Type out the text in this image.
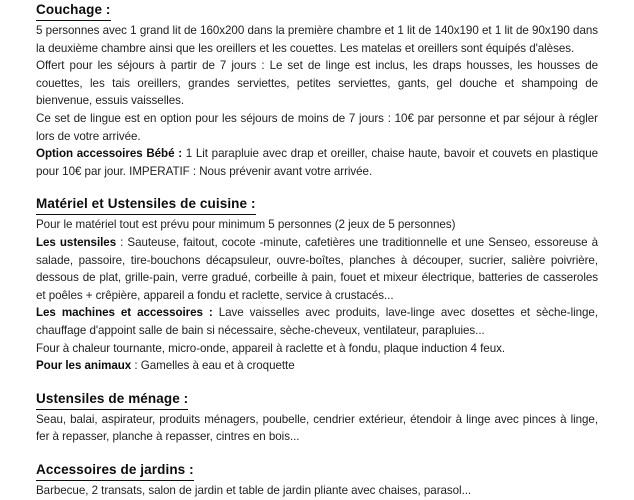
Couchage :

5 personnes avec 1 grand lit de 160x200 dans la première chambre et 1 lit de 140x190 et 1 lit de 90x190 dans la deuxième chambre ainsi que les oreillers et les couettes. Les matelas et oreillers sont équipés d'alèses.

Offert pour les séjours à partir de 7 jours : Le set de linge est inclus, les draps housses, les housses de couettes, les tais oreillers, grandes serviettes, petites serviettes, gants, gel douche et shampoing de bienvenue, essuis vaisselles.

Ce set de lingue est en option pour les séjours de moins de 7 jours : 10€ par personne et par séjour à régler lors de votre arrivée.

Option accessoires Bébé : 1 Lit parapluie avec drap et oreiller, chaise haute, bavoir et couvets en plastique pour 10€ par jour. IMPERATIF : Nous prévenir avant votre arrivée.

Matériel et Ustensiles de cuisine :

Pour le matériel tout est prévu pour minimum 5 personnes (2 jeux de 5 personnes)

Les ustensiles : Sauteuse, faitout, cocote -minute, cafetières une traditionnelle et une Senseo, essoreuse à salade, passoire, tire-bouchons décapsuleur, ouvre-boîtes, planches à découper, sucrier, salière poivrière, dessous de plat, grille-pain, verre gradué, corbeille à pain, fouet et mixeur électrique, batteries de casseroles et poêles + crêpière, appareil a fondu et raclette, service à crustacés...

Les machines et accessoires : Lave vaisselles avec produits, lave-linge avec dosettes et sèche-linge, chauffage d'appoint salle de bain si nécessaire, sèche-cheveux, ventilateur, parapluies...

Four à chaleur tournante, micro-onde, appareil à raclette et à fondu, plaque induction 4 feux.

Pour les animaux : Gamelles à eau et à croquette

Ustensiles de ménage :

Seau, balai, aspirateur, produits ménagers, poubelle, cendrier extérieur, étendoir à linge avec pinces à linge, fer à repasser, planche à repasser, cintres en bois...

Accessoires de jardins :

Barbecue, 2 transats, salon de jardin et table de jardin pliante avec chaises, parasol...
